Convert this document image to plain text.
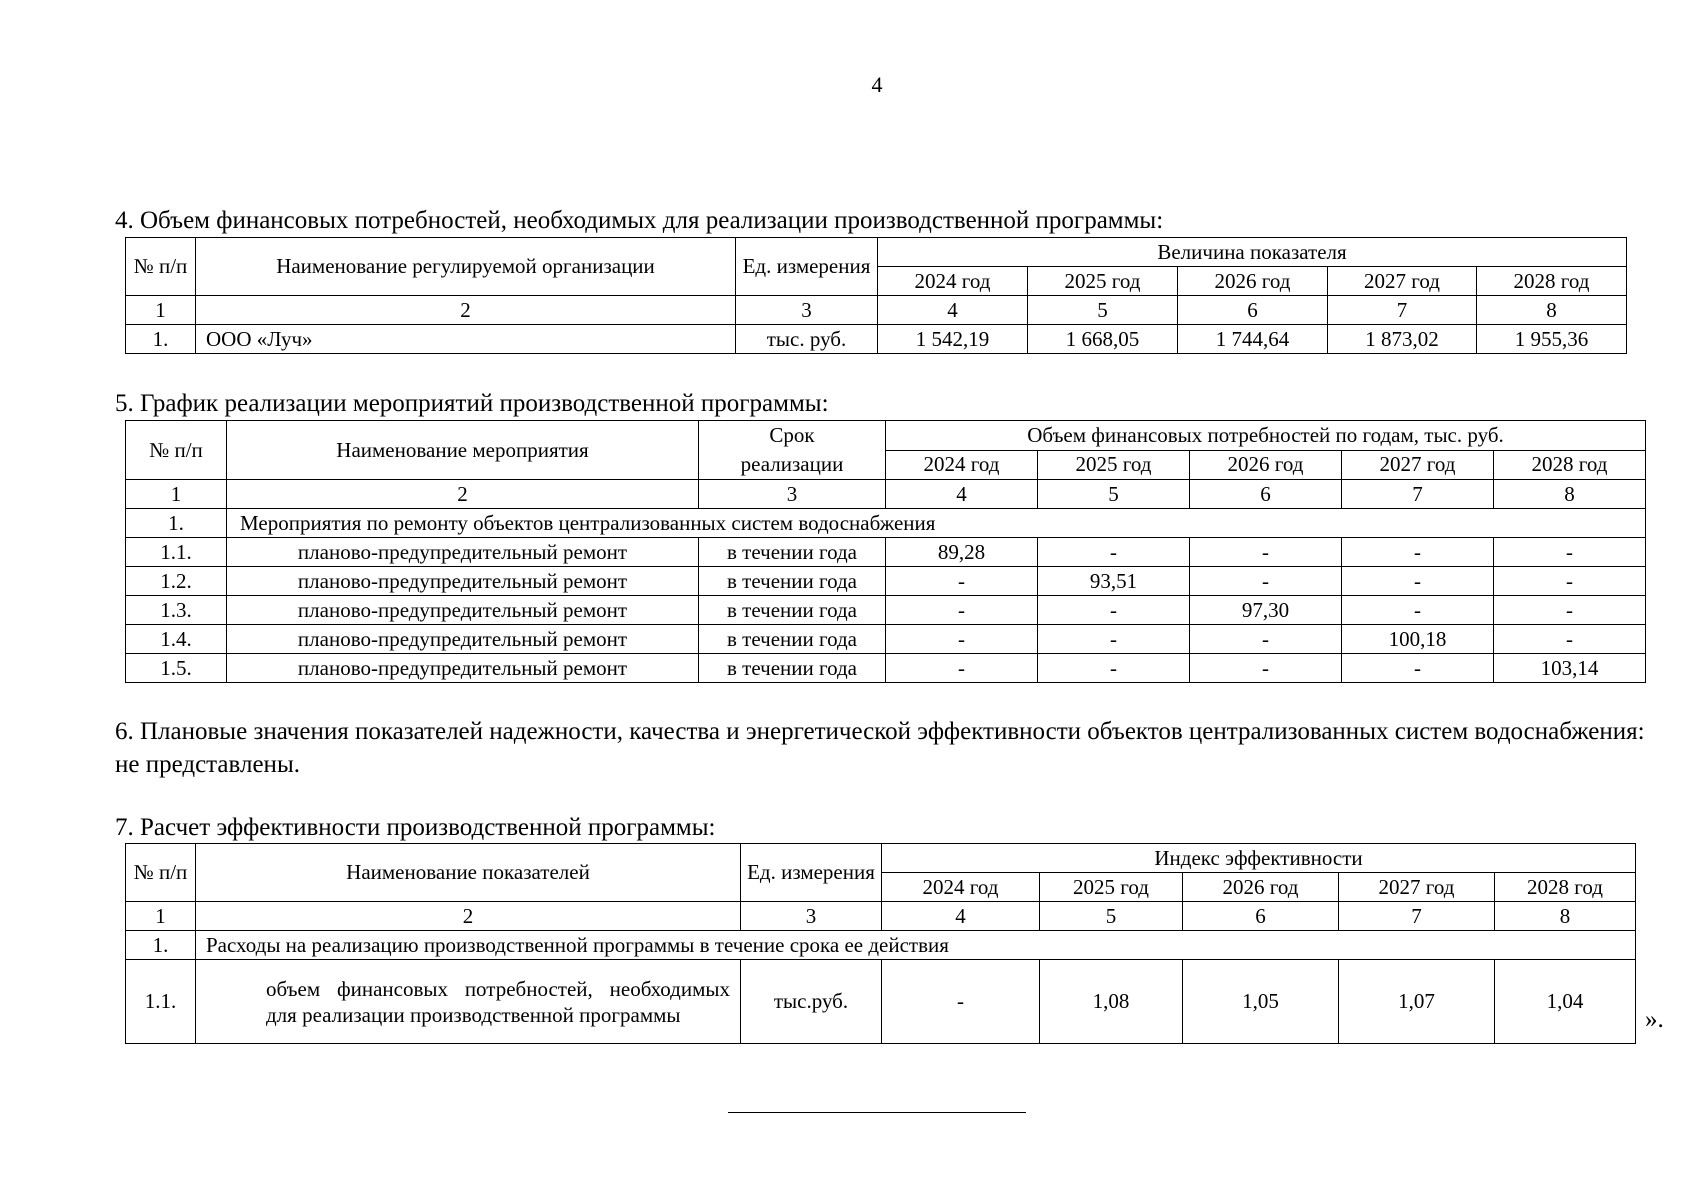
4
4. Объем финансовых потребностей, необходимых для реализации производственной программы:
№ п/п	Наименование регулируемой организации	Ед. измерения	Величина показателя				
			2024 год	2025 год	2026 год	2027 год	2028 год
1	2	3	4	5	6	7	8
1.	ООО «Луч»	тыс. руб.	1 542,19	1 668,05	1 744,64	1 873,02	1 955,36
5. График реализации мероприятий производственной программы:
№ п/п	Наименование мероприятия	Срок реализации	Объем финансовых потребностей по годам, тыс. руб.				
			2024 год	2025 год	2026 год	2027 год	2028 год
1	2	3	4	5	6	7	8
1.	Мероприятия по ремонту объектов централизованных систем водоснабжения						
1.1.	планово-предупредительный ремонт	в течении года	89,28	-	-	-	-
1.2.	планово-предупредительный ремонт	в течении года	-	93,51	-	-	-
1.3.	планово-предупредительный ремонт	в течении года	-	-	97,30	-	-
1.4.	планово-предупредительный ремонт	в течении года	-	-	-	100,18	-
1.5.	планово-предупредительный ремонт	в течении года	-	-	-	-	103,14
6. Плановые значения показателей надежности, качества и энергетической эффективности объектов централизованных систем водоснабжения: не представлены.
7. Расчет эффективности производственной программы:
№ п/п	Наименование показателей	Ед. измерения	Индекс эффективности				
			2024 год	2025 год	2026 год	2027 год	2028 год
1	2	3	4	5	6	7	8
1.	Расходы на реализацию производственной программы в течение срока ее действия						
1.1.	объем финансовых потребностей, необходимых для реализации производственной программы	тыс.руб.	-	1,08	1,05	1,07	1,04
».
